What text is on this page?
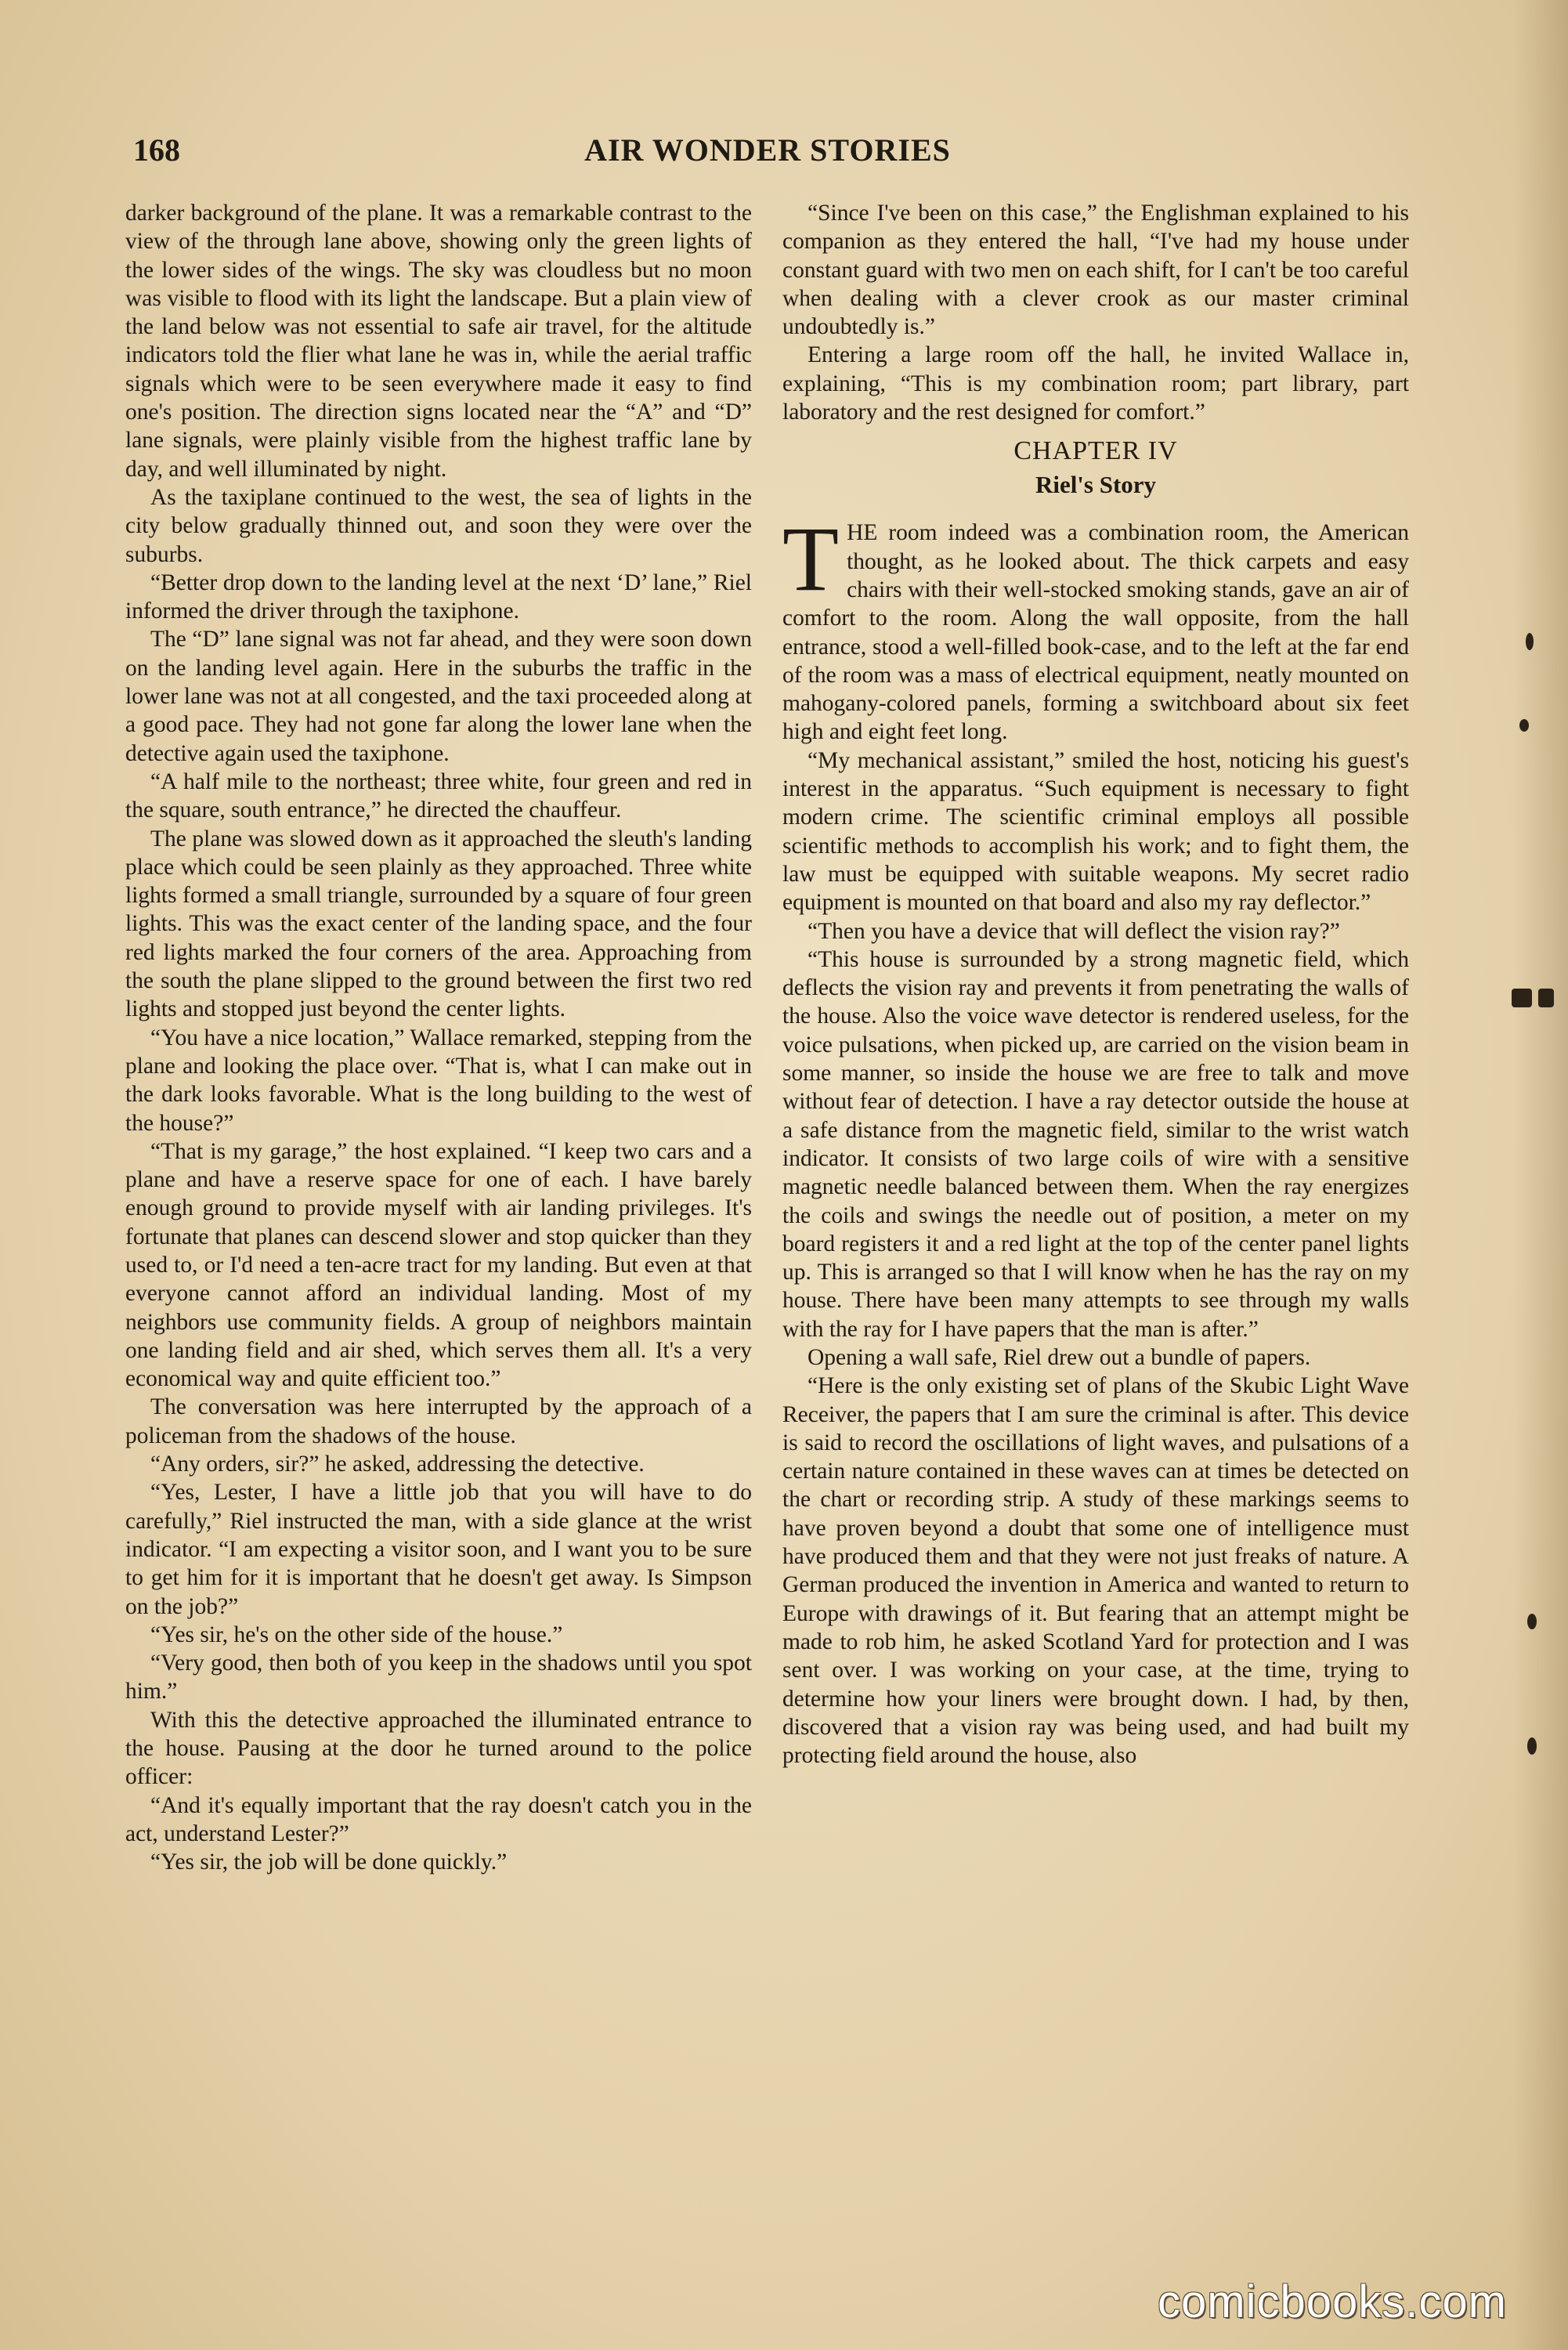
168	AIR WONDER STORIES

darker background of the plane. It was a remarkable contrast to the view of the through lane above, showing only the green lights of the lower sides of the wings. The sky was cloudless but no moon was visible to flood with its light the landscape. But a plain view of the land below was not essential to safe air travel, for the altitude indicators told the flier what lane he was in, while the aerial traffic signals which were to be seen everywhere made it easy to find one's position. The direction signs located near the “A” and “D” lane signals, were plainly visible from the highest traffic lane by day, and well illuminated by night.

As the taxiplane continued to the west, the sea of lights in the city below gradually thinned out, and soon they were over the suburbs.

“Better drop down to the landing level at the next ‘D’ lane,” Riel informed the driver through the taxiphone.

The “D” lane signal was not far ahead, and they were soon down on the landing level again. Here in the suburbs the traffic in the lower lane was not at all congested, and the taxi proceeded along at a good pace. They had not gone far along the lower lane when the detective again used the taxiphone.

“A half mile to the northeast; three white, four green and red in the square, south entrance,” he directed the chauffeur.

The plane was slowed down as it approached the sleuth's landing place which could be seen plainly as they approached. Three white lights formed a small triangle, surrounded by a square of four green lights. This was the exact center of the landing space, and the four red lights marked the four corners of the area. Approaching from the south the plane slipped to the ground between the first two red lights and stopped just beyond the center lights.

“You have a nice location,” Wallace remarked, stepping from the plane and looking the place over. “That is, what I can make out in the dark looks favorable. What is the long building to the west of the house?”

“That is my garage,” the host explained. “I keep two cars and a plane and have a reserve space for one of each. I have barely enough ground to provide myself with air landing privileges. It's fortunate that planes can descend slower and stop quicker than they used to, or I'd need a ten-acre tract for my landing. But even at that everyone cannot afford an individual landing. Most of my neighbors use community fields. A group of neighbors maintain one landing field and air shed, which serves them all. It's a very economical way and quite efficient too.”

The conversation was here interrupted by the approach of a policeman from the shadows of the house.

“Any orders, sir?” he asked, addressing the detective.

“Yes, Lester, I have a little job that you will have to do carefully,” Riel instructed the man, with a side glance at the wrist indicator. “I am expecting a visitor soon, and I want you to be sure to get him for it is important that he doesn't get away. Is Simpson on the job?”

“Yes sir, he's on the other side of the house.”

“Very good, then both of you keep in the shadows until you spot him.”

With this the detective approached the illuminated entrance to the house. Pausing at the door he turned around to the police officer:

“And it's equally important that the ray doesn't catch you in the act, understand Lester?”

“Yes sir, the job will be done quickly.”

“Since I've been on this case,” the Englishman explained to his companion as they entered the hall, “I've had my house under constant guard with two men on each shift, for I can't be too careful when dealing with a clever crook as our master criminal undoubtedly is.”

Entering a large room off the hall, he invited Wallace in, explaining, “This is my combination room; part library, part laboratory and the rest designed for comfort.”

CHAPTER IV
Riel's Story

THE room indeed was a combination room, the American thought, as he looked about. The thick carpets and easy chairs with their well-stocked smoking stands, gave an air of comfort to the room. Along the wall opposite, from the hall entrance, stood a well-filled book-case, and to the left at the far end of the room was a mass of electrical equipment, neatly mounted on mahogany-colored panels, forming a switchboard about six feet high and eight feet long.

“My mechanical assistant,” smiled the host, noticing his guest's interest in the apparatus. “Such equipment is necessary to fight modern crime. The scientific criminal employs all possible scientific methods to accomplish his work; and to fight them, the law must be equipped with suitable weapons. My secret radio equipment is mounted on that board and also my ray deflector.”

“Then you have a device that will deflect the vision ray?”

“This house is surrounded by a strong magnetic field, which deflects the vision ray and prevents it from penetrating the walls of the house. Also the voice wave detector is rendered useless, for the voice pulsations, when picked up, are carried on the vision beam in some manner, so inside the house we are free to talk and move without fear of detection. I have a ray detector outside the house at a safe distance from the magnetic field, similar to the wrist watch indicator. It consists of two large coils of wire with a sensitive magnetic needle balanced between them. When the ray energizes the coils and swings the needle out of position, a meter on my board registers it and a red light at the top of the center panel lights up. This is arranged so that I will know when he has the ray on my house. There have been many attempts to see through my walls with the ray for I have papers that the man is after.”

Opening a wall safe, Riel drew out a bundle of papers.

“Here is the only existing set of plans of the Skubic Light Wave Receiver, the papers that I am sure the criminal is after. This device is said to record the oscillations of light waves, and pulsations of a certain nature contained in these waves can at times be detected on the chart or recording strip. A study of these markings seems to have proven beyond a doubt that some one of intelligence must have produced them and that they were not just freaks of nature. A German produced the invention in America and wanted to return to Europe with drawings of it. But fearing that an attempt might be made to rob him, he asked Scotland Yard for protection and I was sent over. I was working on your case, at the time, trying to determine how your liners were brought down. I had, by then, discovered that a vision ray was being used, and had built my protecting field around the house, also

comicbooks.com
